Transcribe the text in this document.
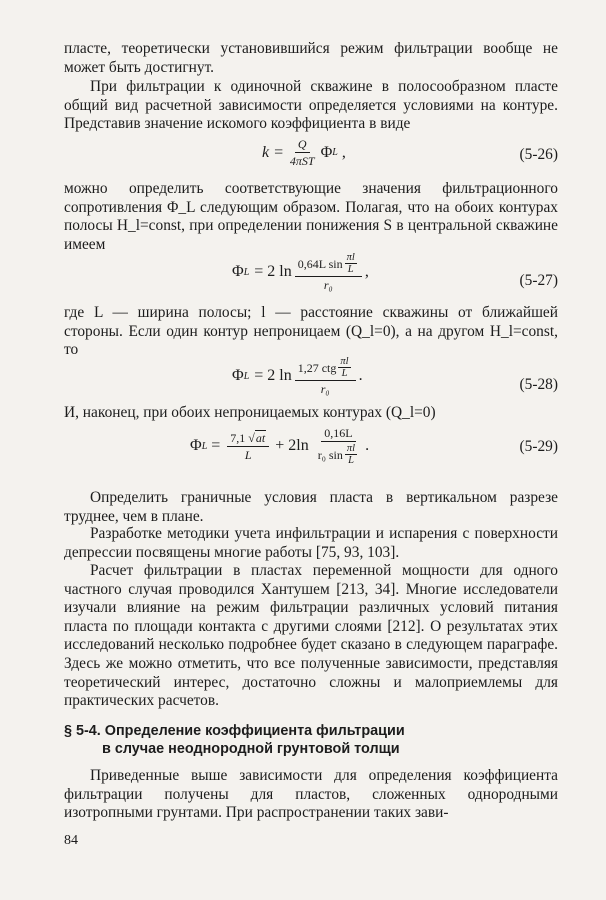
пласте, теоретически установившийся режим фильтрации вообще не может быть достигнут.

При фильтрации к одиночной скважине в полосообразном пласте общий вид расчетной зависимости определяется условиями на контуре. Представив значение искомого коэффициента в виде

$k = \frac{Q}{\text{4πST}}$ Φ L ,	(5-26)

можно определить соответствующие значения фильтрационного сопротивления Φ_L следующим образом. Полагая, что на обоих контурах полосы H_l=const, при определении понижения S в центральной скважине имеем

Φ L = 2 ln 0,64L sin πl
L
r₀ ,
(5-27)

где L — ширина полосы; l — расстояние скважины от ближайшей стороны. Если один контур непроницаем (Q_l=0), а на другом H_l=const, то

Φ L = 2 ln 1,27 ctg πl
L
r₀ .
(5-28)

И, наконец, при обоих непроницаемых контурах (Q_l=0)

Φ $L = \frac{7,1 √ at}{L} + 2\ln$ 0,16L
r₀ sin πl
L .	(5-29)

Определить граничные условия пласта в вертикальном разрезе труднее, чем в плане.

Разработке методики учета инфильтрации и испарения с поверхности депрессии посвящены многие работы [75, 93, 103].

Расчет фильтрации в пластах переменной мощности для одного частного случая проводился Хантушем [213, 34]. Многие исследователи изучали влияние на режим фильтрации различных условий питания пласта по площади контакта с другими слоями [212]. О результатах этих исследований несколько подробнее будет сказано в следующем параграфе. Здесь же можно отметить, что все полученные зависимости, представляя теоретический интерес, достаточно сложны и малоприемлемы для практических расчетов.

§ 5-4. Определение коэффициента фильтрации
в случае неоднородной грунтовой толщи

Приведенные выше зависимости для определения коэффициента фильтрации получены для пластов, сложенных однородными изотропными грунтами. При распространении таких зави-

84
